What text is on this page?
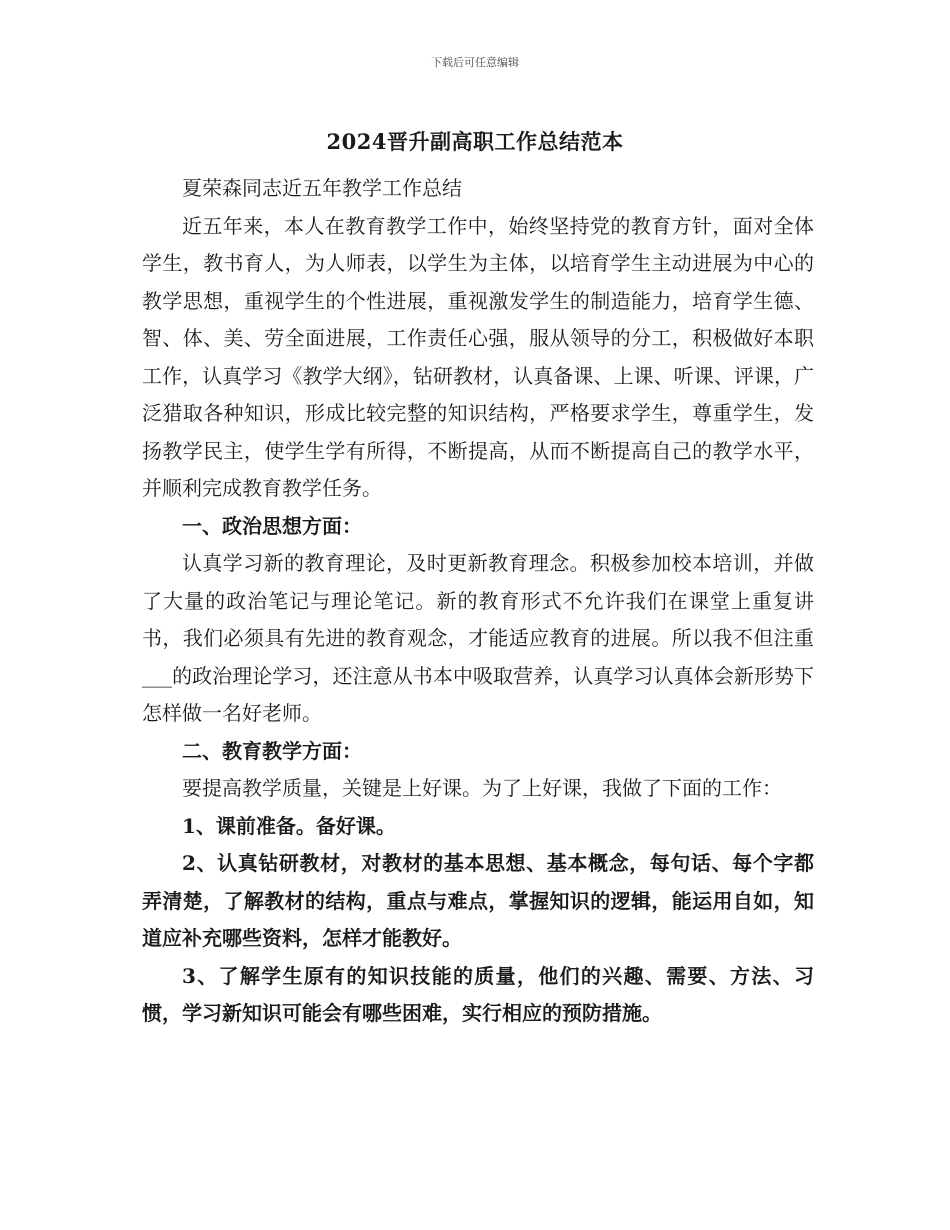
下载后可任意编辑
2024晋升副高职工作总结范本

夏荣森同志近五年教学工作总结

近五年来，本人在教育教学工作中，始终坚持党的教育方针，面对全体学生，教书育人，为人师表，以学生为主体，以培育学生主动进展为中心的教学思想，重视学生的个性进展，重视激发学生的制造能力，培育学生德、智、体、美、劳全面进展，工作责任心强，服从领导的分工，积极做好本职工作，认真学习《教学大纲》，钻研教材，认真备课、上课、听课、评课，广泛猎取各种知识，形成比较完整的知识结构，严格要求学生，尊重学生，发扬教学民主，使学生学有所得，不断提高，从而不断提高自己的教学水平，并顺利完成教育教学任务。

一、政治思想方面：

认真学习新的教育理论，及时更新教育理念。积极参加校本培训，并做了大量的政治笔记与理论笔记。新的教育形式不允许我们在课堂上重复讲书，我们必须具有先进的教育观念，才能适应教育的进展。所以我不但注重___的政治理论学习，还注意从书本中吸取营养，认真学习认真体会新形势下怎样做一名好老师。

二、教育教学方面：

要提高教学质量，关键是上好课。为了上好课，我做了下面的工作：

1、课前准备。备好课。

2、认真钻研教材，对教材的基本思想、基本概念，每句话、每个字都弄清楚，了解教材的结构，重点与难点，掌握知识的逻辑，能运用自如，知道应补充哪些资料，怎样才能教好。

3、了解学生原有的知识技能的质量，他们的兴趣、需要、方法、习惯，学习新知识可能会有哪些困难，实行相应的预防措施。
